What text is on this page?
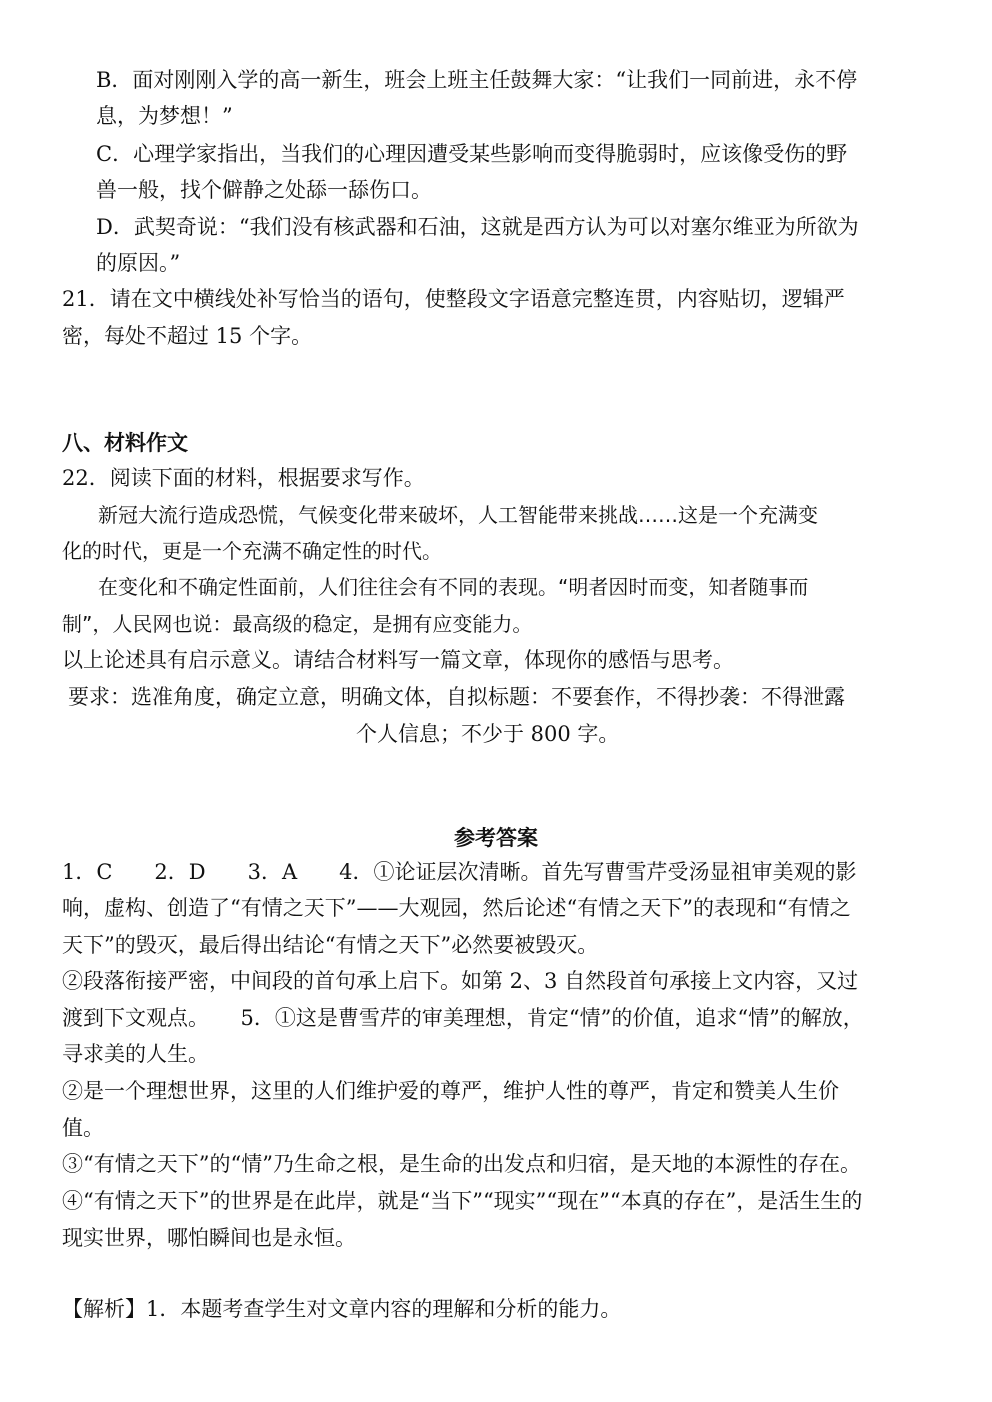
B．面对刚刚入学的高一新生，班会上班主任鼓舞大家：“让我们一同前进，永不停
息，为梦想！”
C．心理学家指出，当我们的心理因遭受某些影响而变得脆弱时，应该像受伤的野
兽一般，找个僻静之处舔一舔伤口。
D．武契奇说：“我们没有核武器和石油，这就是西方认为可以对塞尔维亚为所欲为
的原因。”
21．请在文中横线处补写恰当的语句，使整段文字语意完整连贯，内容贴切，逻辑严
密，每处不超过 15 个字。
八、材料作文
22．阅读下面的材料，根据要求写作。
新冠大流行造成恐慌，气候变化带来破坏，人工智能带来挑战……这是一个充满变
化的时代，更是一个充满不确定性的时代。
在变化和不确定性面前，人们往往会有不同的表现。“明者因时而变，知者随事而
制”，人民网也说：最高级的稳定，是拥有应变能力。
以上论述具有启示意义。请结合材料写一篇文章，体现你的感悟与思考。
要求：选准角度，确定立意，明确文体，自拟标题：不要套作，不得抄袭：不得泄露
个人信息；不少于 800 字。
参考答案
1．C　　2．D　　3．A　　4．①论证层次清晰。首先写曹雪芹受汤显祖审美观的影
响，虚构、创造了“有情之天下”——大观园，然后论述“有情之天下”的表现和“有情之
天下”的毁灭，最后得出结论“有情之天下”必然要被毁灭。
②段落衔接严密，中间段的首句承上启下。如第 2、3 自然段首句承接上文内容，又过
渡到下文观点。　　5．①这是曹雪芹的审美理想，肯定“情”的价值，追求“情”的解放，
寻求美的人生。
②是一个理想世界，这里的人们维护爱的尊严，维护人性的尊严，肯定和赞美人生价
值。
③“有情之天下”的“情”乃生命之根，是生命的出发点和归宿，是天地的本源性的存在。
④“有情之天下”的世界是在此岸，就是“当下”“现实”“现在”“本真的存在”，是活生生的
现实世界，哪怕瞬间也是永恒。
【解析】1．本题考查学生对文章内容的理解和分析的能力。
